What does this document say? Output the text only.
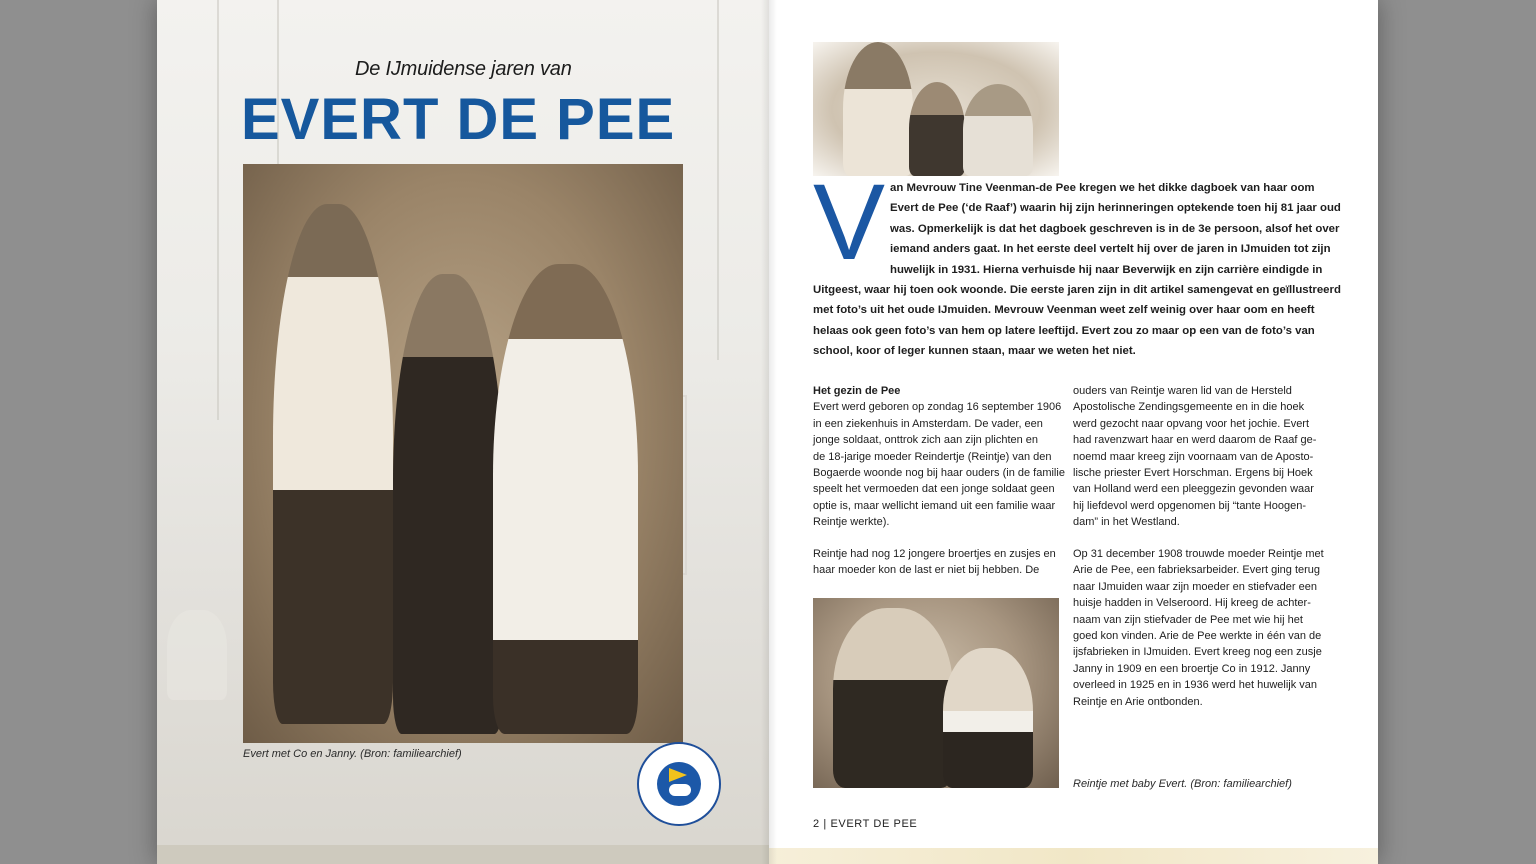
De IJmuidense jaren van
EVERT DE PEE
Evert met Co en Janny. (Bron: familiearchief)
V an Mevrouw Tine Veenman-de Pee kregen we het dikke dagboek van haar oom
Evert de Pee (‘de Raaf’) waarin hij zijn herinneringen optekende toen hij 81 jaar oud
was. Opmerkelijk is dat het dagboek geschreven is in de 3e persoon, alsof het over
iemand anders gaat. In het eerste deel vertelt hij over de jaren in IJmuiden tot zijn
huwelijk in 1931. Hierna verhuisde hij naar Beverwijk en zijn carrière eindigde in
Uitgeest, waar hij toen ook woonde. Die eerste jaren zijn in dit artikel samengevat en geïllustreerd
met foto’s uit het oude IJmuiden. Mevrouw Veenman weet zelf weinig over haar oom en heeft
helaas ook geen foto’s van hem op latere leeftijd. Evert zou zo maar op een van de foto’s van
school, koor of leger kunnen staan, maar we weten het niet.
Het gezin de Pee
Evert werd geboren op zondag 16 september 1906
in een ziekenhuis in Amsterdam. De vader, een
jonge soldaat, onttrok zich aan zijn plichten en
de 18-jarige moeder Reindertje (Reintje) van den
Bogaerde woonde nog bij haar ouders (in de familie
speelt het vermoeden dat een jonge soldaat geen
optie is, maar wellicht iemand uit een familie waar
Reintje werkte).
Reintje had nog 12 jongere broertjes en zusjes en
haar moeder kon de last er niet bij hebben. De
ouders van Reintje waren lid van de Hersteld
Apostolische Zendingsgemeente en in die hoek
werd gezocht naar opvang voor het jochie. Evert
had ravenzwart haar en werd daarom de Raaf ge-
noemd maar kreeg zijn voornaam van de Aposto-
lische priester Evert Horschman. Ergens bij Hoek
van Holland werd een pleeggezin gevonden waar
hij liefdevol werd opgenomen bij “tante Hoogen-
dam” in het Westland.
Op 31 december 1908 trouwde moeder Reintje met
Arie de Pee, een fabrieksarbeider. Evert ging terug
naar IJmuiden waar zijn moeder en stiefvader een
huisje hadden in Velseroord. Hij kreeg de achter-
naam van zijn stiefvader de Pee met wie hij het
goed kon vinden. Arie de Pee werkte in één van de
ijsfabrieken in IJmuiden. Evert kreeg nog een zusje
Janny in 1909 en een broertje Co in 1912. Janny
overleed in 1925 en in 1936 werd het huwelijk van
Reintje en Arie ontbonden.
Reintje met baby Evert. (Bron: familiearchief)
2 | EVERT DE PEE
